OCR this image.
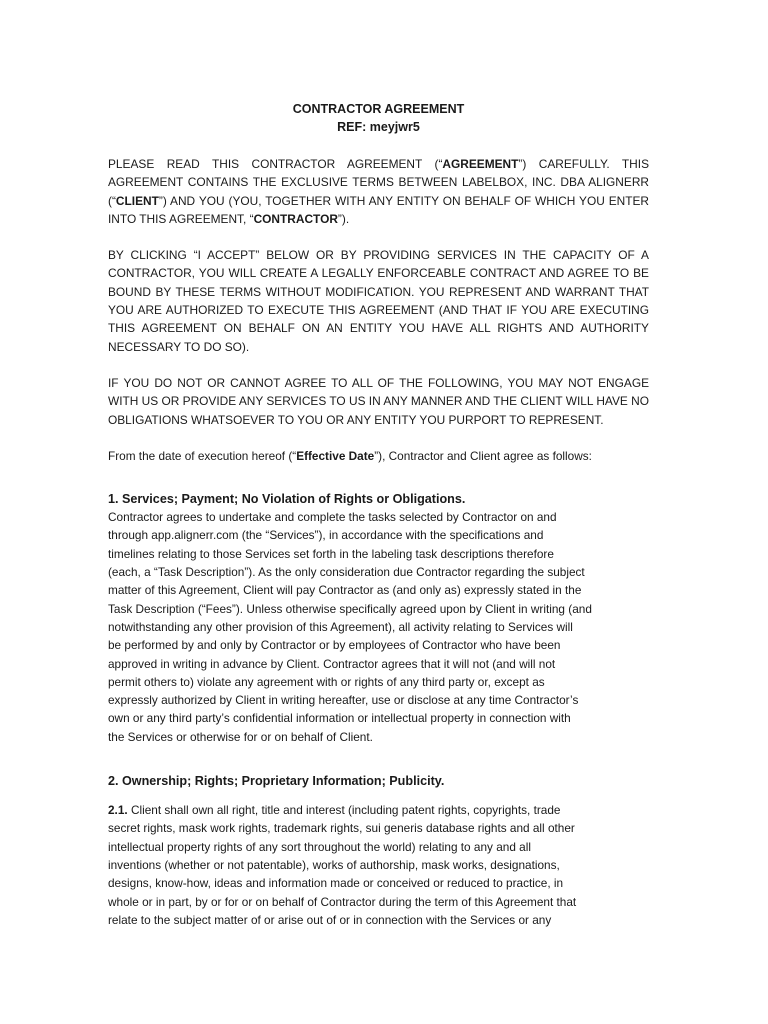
CONTRACTOR AGREEMENT

REF: meyjwr5

PLEASE READ THIS CONTRACTOR AGREEMENT (“AGREEMENT”) CAREFULLY. THIS AGREEMENT CONTAINS THE EXCLUSIVE TERMS BETWEEN LABELBOX, INC. DBA ALIGNERR (“CLIENT”) AND YOU (YOU, TOGETHER WITH ANY ENTITY ON BEHALF OF WHICH YOU ENTER INTO THIS AGREEMENT, “CONTRACTOR”).

BY CLICKING “I ACCEPT” BELOW OR BY PROVIDING SERVICES IN THE CAPACITY OF A CONTRACTOR, YOU WILL CREATE A LEGALLY ENFORCEABLE CONTRACT AND AGREE TO BE BOUND BY THESE TERMS WITHOUT MODIFICATION. YOU REPRESENT AND WARRANT THAT YOU ARE AUTHORIZED TO EXECUTE THIS AGREEMENT (AND THAT IF YOU ARE EXECUTING THIS AGREEMENT ON BEHALF ON AN ENTITY YOU HAVE ALL RIGHTS AND AUTHORITY NECESSARY TO DO SO).

IF YOU DO NOT OR CANNOT AGREE TO ALL OF THE FOLLOWING, YOU MAY NOT ENGAGE WITH US OR PROVIDE ANY SERVICES TO US IN ANY MANNER AND THE CLIENT WILL HAVE NO OBLIGATIONS WHATSOEVER TO YOU OR ANY ENTITY YOU PURPORT TO REPRESENT.

From the date of execution hereof (“Effective Date”), Contractor and Client agree as follows:

1. Services; Payment; No Violation of Rights or Obligations.

Contractor agrees to undertake and complete the tasks selected by Contractor on and
through app.alignerr.com (the “Services”), in accordance with the specifications and
timelines relating to those Services set forth in the labeling task descriptions therefore
(each, a “Task Description”). As the only consideration due Contractor regarding the subject
matter of this Agreement, Client will pay Contractor as (and only as) expressly stated in the
Task Description (“Fees”). Unless otherwise specifically agreed upon by Client in writing (and
notwithstanding any other provision of this Agreement), all activity relating to Services will
be performed by and only by Contractor or by employees of Contractor who have been
approved in writing in advance by Client. Contractor agrees that it will not (and will not
permit others to) violate any agreement with or rights of any third party or, except as
expressly authorized by Client in writing hereafter, use or disclose at any time Contractor’s
own or any third party’s confidential information or intellectual property in connection with
the Services or otherwise for or on behalf of Client.

2. Ownership; Rights; Proprietary Information; Publicity.

2.1. Client shall own all right, title and interest (including patent rights, copyrights, trade
secret rights, mask work rights, trademark rights, sui generis database rights and all other
intellectual property rights of any sort throughout the world) relating to any and all
inventions (whether or not patentable), works of authorship, mask works, designations,
designs, know-how, ideas and information made or conceived or reduced to practice, in
whole or in part, by or for or on behalf of Contractor during the term of this Agreement that
relate to the subject matter of or arise out of or in connection with the Services or any
